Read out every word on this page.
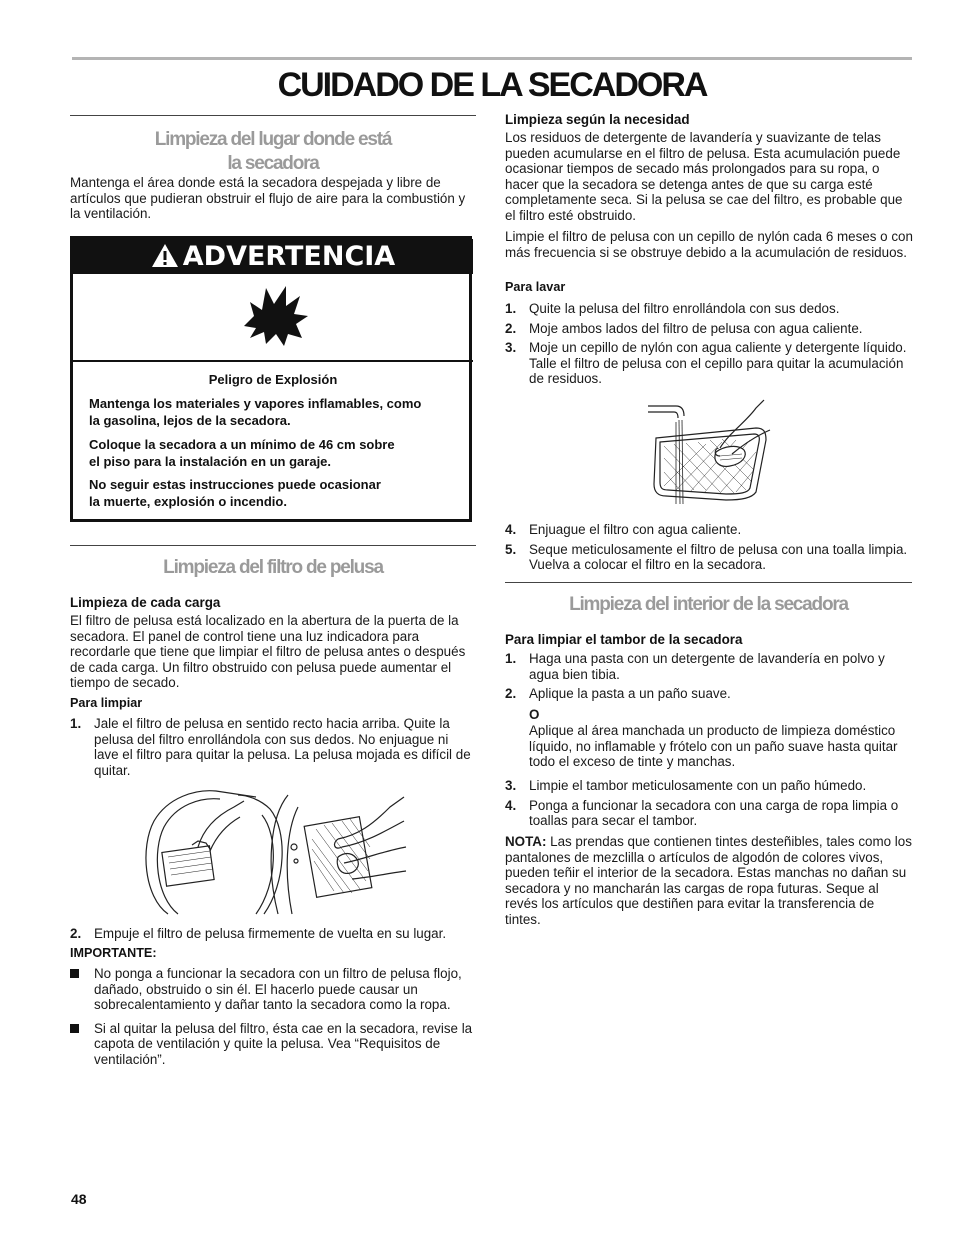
CUIDADO DE LA SECADORA
Limpieza del lugar donde está
la secadora
Mantenga el área donde está la secadora despejada y libre de artículos que pudieran obstruir el flujo de aire para la combustión y la ventilación.
ADVERTENCIA
Peligro de Explosión
Mantenga los materiales y vapores inflamables, como
la gasolina, lejos de la secadora.
Coloque la secadora a un mínimo de 46 cm sobre
el piso para la instalación en un garaje.
No seguir estas instrucciones puede ocasionar
la muerte, explosión o incendio.
Limpieza del filtro de pelusa
Limpieza de cada carga
El filtro de pelusa está localizado en la abertura de la puerta de la secadora. El panel de control tiene una luz indicadora para recordarle que tiene que limpiar el filtro de pelusa antes o después de cada carga. Un filtro obstruido con pelusa puede aumentar el tiempo de secado.
Para limpiar
1. Jale el filtro de pelusa en sentido recto hacia arriba. Quite la pelusa del filtro enrollándola con sus dedos. No enjuague ni lave el filtro para quitar la pelusa. La pelusa mojada es difícil de quitar.
2. Empuje el filtro de pelusa firmemente de vuelta en su lugar.
IMPORTANTE:
No ponga a funcionar la secadora con un filtro de pelusa flojo, dañado, obstruido o sin él. El hacerlo puede causar un sobrecalentamiento y dañar tanto la secadora como la ropa.
Si al quitar la pelusa del filtro, ésta cae en la secadora, revise la capota de ventilación y quite la pelusa. Vea “Requisitos de ventilación”.
Limpieza según la necesidad
Los residuos de detergente de lavandería y suavizante de telas pueden acumularse en el filtro de pelusa. Esta acumulación puede ocasionar tiempos de secado más prolongados para su ropa, o hacer que la secadora se detenga antes de que su carga esté completamente seca. Si la pelusa se cae del filtro, es probable que el filtro esté obstruido.
Limpie el filtro de pelusa con un cepillo de nylón cada 6 meses o con más frecuencia si se obstruye debido a la acumulación de residuos.
Para lavar
1. Quite la pelusa del filtro enrollándola con sus dedos.
2. Moje ambos lados del filtro de pelusa con agua caliente.
3. Moje un cepillo de nylón con agua caliente y detergente líquido. Talle el filtro de pelusa con el cepillo para quitar la acumulación de residuos.
4. Enjuague el filtro con agua caliente.
5. Seque meticulosamente el filtro de pelusa con una toalla limpia. Vuelva a colocar el filtro en la secadora.
Limpieza del interior de la secadora
Para limpiar el tambor de la secadora
1. Haga una pasta con un detergente de lavandería en polvo y agua bien tibia.
2. Aplique la pasta a un paño suave.
O
Aplique al área manchada un producto de limpieza doméstico líquido, no inflamable y frótelo con un paño suave hasta quitar todo el exceso de tinte y manchas.
3. Limpie el tambor meticulosamente con un paño húmedo.
4. Ponga a funcionar la secadora con una carga de ropa limpia o toallas para secar el tambor.
NOTA: Las prendas que contienen tintes desteñibles, tales como los pantalones de mezclilla o artículos de algodón de colores vivos, pueden teñir el interior de la secadora. Estas manchas no dañan su secadora y no mancharán las cargas de ropa futuras. Seque al revés los artículos que destiñen para evitar la transferencia de tintes.
48
